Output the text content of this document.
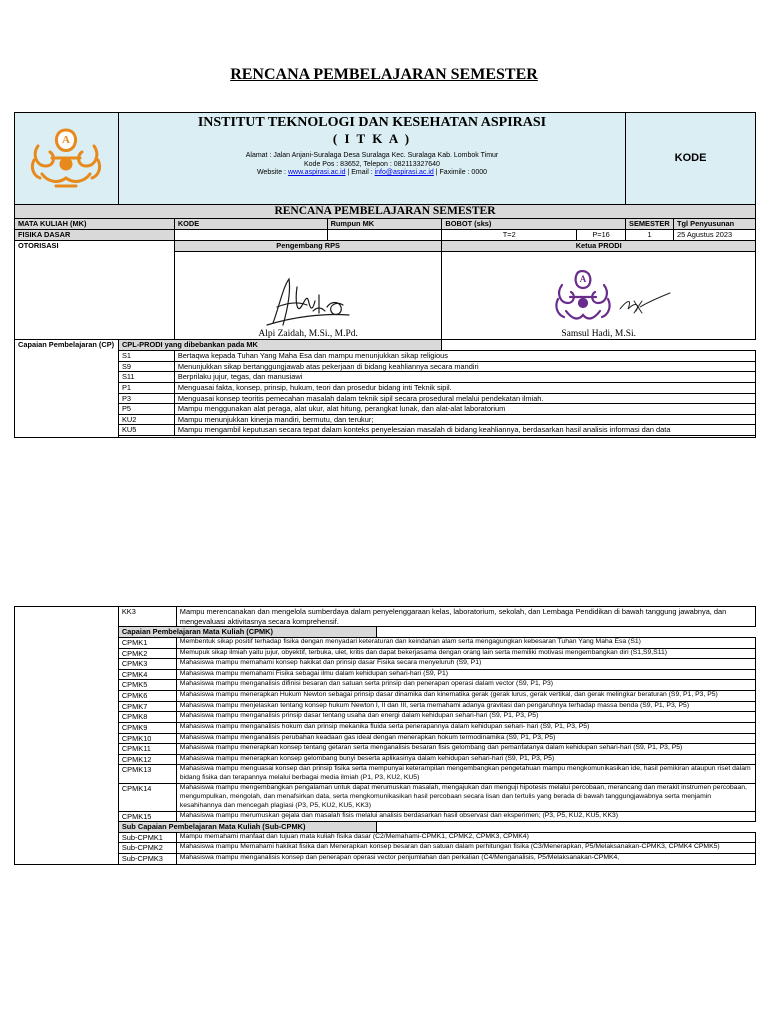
RENCANA PEMBELAJARAN SEMESTER
A	INSTITUT TEKNOLOGI DAN KESEHATAN ASPIRASI
( I T K A )
Alamat : Jalan Anjani-Suralaga Desa Suralaga Kec. Suralaga Kab. Lombok Timur
Kode Pos : 83652, Telepon : 082113327640
Website : www.aspirasi.ac.id | Email : info@aspirasi.ac.id | Faximile : 0000					KODE	
RENCANA PEMBELAJARAN SEMESTER							
MATA KULIAH (MK)		KODE	Rumpun MK	BOBOT (sks)		SEMESTER	Tgl Penyusunan
FISIKA DASAR				T=2	P=16	1	25 Agustus 2023
OTORISASI		Pengembang RPS		Ketua PRODI			

		Alpi Zaidah, M.Si., M.Pd.		A
Samsul Hadi, M.Si.			

Capaian Pembelajaran (CP)	CPL-PRODI yang dibebankan pada MK						
	S1	Bertaqwa kepada Tuhan Yang Maha Esa dan mampu menunjukkan sikap religious					
	S9	Menunjukkan sikap bertanggungjawab atas pekerjaan di bidang keahliannya secara mandiri					
	S11	Berprilaku jujur, tegas, dan manusiawi					
	P1	Menguasai fakta, konsep, prinsip, hukum, teori dan prosedur bidang inti Teknik sipil.					
	P3	Menguasai konsep teoritis pemecahan masalah dalam teknik sipil secara prosedural melalui pendekatan ilmiah.					
	P5	Mampu menggunakan alat peraga, alat ukur, alat hitung, perangkat lunak, dan alat-alat laboratorium					
	KU2	Mampu menunjukkan kinerja mandiri, bermutu, dan terukur;					
	KU5	Mampu mengambil keputusan secara tepat dalam konteks penyelesaian masalah di bidang keahliannya, berdasarkan hasil analisis informasi dan data					

	KK3	Mampu merencanakan dan mengelola sumberdaya dalam penyelenggaraan kelas, laboratorium, sekolah, dan Lembaga Pendidikan di bawah tanggung jawabnya, dan mengevaluasi aktivitasnya secara komprehensif.	
	Capaian Pembelajaran Mata Kuliah (CPMK)		
	CPMK1	Membentuk sikap positif terhadap fisika dengan menyadari keteraturan dan keindahan alam serta mengagungkan kebesaran Tuhan Yang Maha Esa (S1)	
	CPMK2	Memupuk sikap ilmiah yaitu jujur, obyektif, terbuka, ulet, kritis dan dapat bekerjasama dengan orang lain serta memiliki motivasi mengembangkan diri (S1,S9,S11)	
	CPMK3	Mahasiswa mampu memahami konsep hakikat dan prinsip dasar Fisika secara menyeluruh (S9, P1)	
	CPMK4	Mahasiswa mampu memahami Fisika sebagai ilmu dalam kehidupan sehari-hari (S9, P1)	
	CPMK5	Mahasiswa mampu menganalisis difinisi besaran dan satuan serta prinsip dan penerapan operasi dalam vector (S9, P1, P3)	
	CPMK6	Mahasiswa mampu menerapkan Hukum Newton sebagai prinsip dasar dinamika dan kinematika gerak (gerak lurus, gerak vertikal, dan gerak melingkar beraturan (S9, P1, P3, P5)	
	CPMK7	Mahasiswa mampu menjelaskan tentang konsep hukum Newton I, II dan III, serta memahami adanya gravitasi dan pengaruhnya terhadap massa benda (S9, P1, P3, P5)	
	CPMK8	Mahasiswa mampu menganalisis prinsip dasar tentang usaha dan energi dalam kehidupan sehari-hari (S9, P1, P3, P5)	
	CPMK9	Mahasiswa mampu menganalisis hokum dan prinsip mekanika fluida serta penerapannya dalam kehidupan sehari- hari (S9, P1, P3, P5)	
	CPMK10	Mahasiswa mampu menganalisis perubahan keadaan gas ideal dengan menerapkan hokum termodinamika (S9, P1, P3, P5)	
	CPMK11	Mahasiswa mampu menerapkan konsep tentang getaran serta menganalisis besaran fisis gelombang dan pemanfatanya dalam kehidupan sehari-hari (S9, P1, P3, P5)	
	CPMK12	Mahasiswa mampu menerapkan konsep gelombang bunyi beserta aplikasinya dalam kehidupan sehari-hari (S9, P1, P3, P5)	
	CPMK13	Mahasiswa mampu menguasai konsep dan prinsip fisika serta mempunyai keterampilan mengembangkan pengetahuan mampu mengkomunikasikan ide, hasil pemikiran ataupun riset dalam bidang fisika dan terapannya melalui berbagai media ilmiah (P1, P3, KU2, KU5)	
	CPMK14	Mahasiswa mampu mengembangkan pengalaman untuk dapat merumuskan masalah, mengajukan dan menguji hipotesis melalui percobaan, merancang dan merakit instrumen percobaan, mengumpulkan, mengolah, dan menafsirkan data, serta mengkomunikasikan hasil percobaan secara lisan dan tertulis yang berada di bawah tanggungjawabnya serta menjamin kesahihannya dan mencegah plagiasi (P3, P5, KU2, KU5, KK3)	
	CPMK15	Mahasiswa mampu merumuskan gejala dan masalah fisis melalui analisis berdasarkan hasil observasi dan eksperimen; (P3, P5, KU2, KU5, KK3)	
	Sub Capaian Pembelajaran Mata Kuliah (Sub-CPMK)		
	Sub-CPMK1	Mampu memahami manfaat dan tujuan mata kuliah fisika dasar (C2/Memahami-CPMK1, CPMK2, CPMK3, CPMK4)	
	Sub-CPMK2	Mahasiswa mampu Memahami hakikat fisika dan Menerapkan konsep besaran dan satuan dalam perhitungan fisika (C3/Menerapkan, P5/Melaksanakan-CPMK3, CPMK4 CPMK5)	
	Sub-CPMK3	Mahasiswa mampu menganalisis konsep dan penerapan operasi vector penjumlahan dan perkalian (C4/Menganalisis, P5/Melaksanakan-CPMK4,	
